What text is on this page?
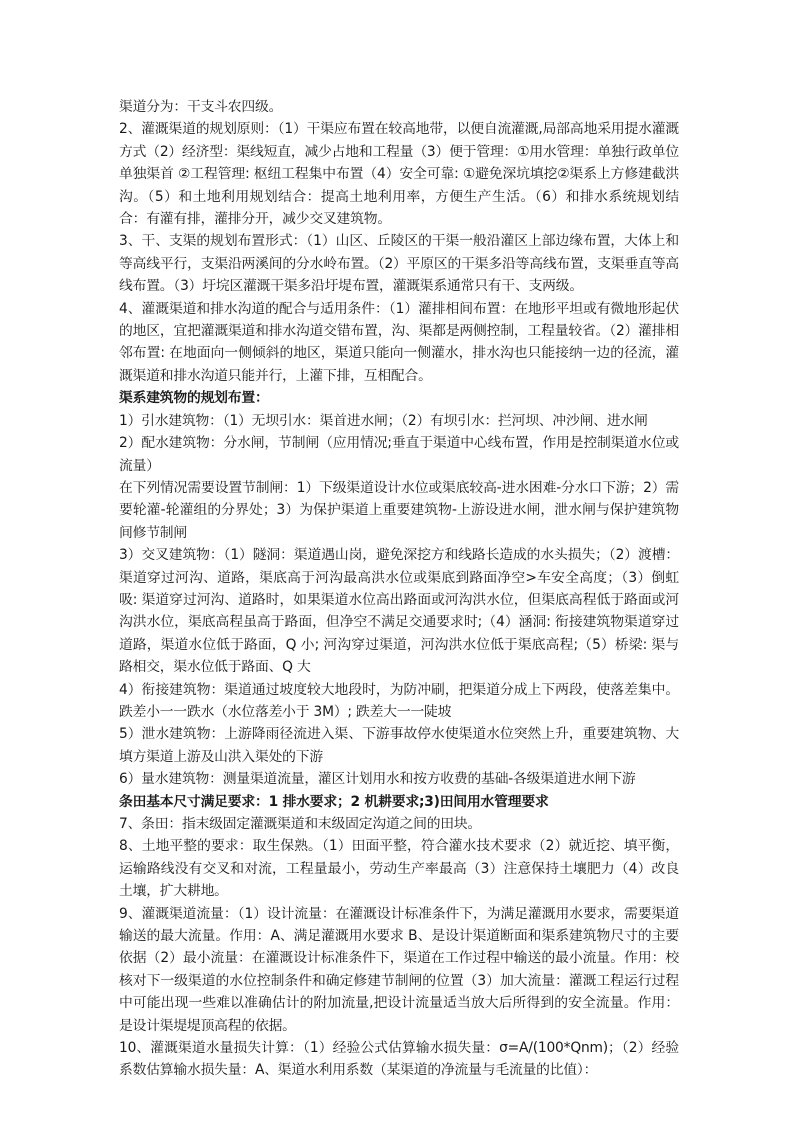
渠道分为：干支斗农四级。

2、灌溉渠道的规划原则：（1）干渠应布置在较高地带，以便自流灌溉,局部高地采用提水灌溉方式（2）经济型：渠线短直，减少占地和工程量（3）便于管理：①用水管理：单独行政单位单独渠首 ②工程管理: 枢纽工程集中布置（4）安全可靠: ①避免深坑填挖②渠系上方修建截洪沟。（5）和土地利用规划结合：提高土地利用率，方便生产生活。（6）和排水系统规划结合：有灌有排，灌排分开，减少交叉建筑物。

3、干、支渠的规划布置形式：（1）山区、丘陵区的干渠一般沿灌区上部边缘布置，大体上和等高线平行，支渠沿两溪间的分水岭布置。（2）平原区的干渠多沿等高线布置，支渠垂直等高线布置。（3）圩垸区灌溉干渠多沿圩堤布置，灌溉渠系通常只有干、支两级。

4、灌溉渠道和排水沟道的配合与适用条件：（1）灌排相间布置：在地形平坦或有微地形起伏的地区，宜把灌溉渠道和排水沟道交错布置，沟、渠都是两侧控制，工程量较省。（2）灌排相邻布置: 在地面向一侧倾斜的地区，渠道只能向一侧灌水，排水沟也只能接纳一边的径流，灌溉渠道和排水沟道只能并行，上灌下排，互相配合。

渠系建筑物的规划布置：

1）引水建筑物：（1）无坝引水：渠首进水闸；（2）有坝引水：拦河坝、冲沙闸、进水闸

2）配水建筑物：分水闸，节制闸（应用情况;垂直于渠道中心线布置，作用是控制渠道水位或流量）

在下列情况需要设置节制闸：1）下级渠道设计水位或渠底较高-进水困难-分水口下游；2）需要轮灌-轮灌组的分界处；3）为保护渠道上重要建筑物-上游设进水闸，泄水闸与保护建筑物间修节制闸

3）交叉建筑物：（1）隧洞：渠道遇山岗，避免深挖方和线路长造成的水头损失；（2）渡槽：渠道穿过河沟、道路，渠底高于河沟最高洪水位或渠底到路面净空>车安全高度；（3）倒虹吸: 渠道穿过河沟、道路时，如果渠道水位高出路面或河沟洪水位，但渠底高程低于路面或河沟洪水位，渠底高程虽高于路面，但净空不满足交通要求时;（4）涵洞: 衔接建筑物渠道穿过道路，渠道水位低于路面，Q 小; 河沟穿过渠道，河沟洪水位低于渠底高程;（5）桥梁: 渠与路相交，渠水位低于路面、Q 大

4）衔接建筑物：渠道通过坡度较大地段时，为防冲刷，把渠道分成上下两段，使落差集中。跌差小一一跌水（水位落差小于 3M）; 跌差大一一陡坡

5）泄水建筑物：上游降雨径流进入渠、下游事故停水使渠道水位突然上升，重要建筑物、大填方渠道上游及山洪入渠处的下游

6）量水建筑物：测量渠道流量，灌区计划用水和按方收费的基础-各级渠道进水闸下游

条田基本尺寸满足要求：1 排水要求；2 机耕要求;3)田间用水管理要求

7、条田：指末级固定灌溉渠道和末级固定沟道之间的田块。

8、土地平整的要求：取生保熟。（1）田面平整，符合灌水技术要求（2）就近挖、填平衡，运输路线没有交叉和对流，工程量最小，劳动生产率最高（3）注意保持土壤肥力（4）改良土壤，扩大耕地。

9、灌溉渠道流量：（1）设计流量：在灌溉设计标准条件下，为满足灌溉用水要求，需要渠道输送的最大流量。作用：A、满足灌溉用水要求 B、是设计渠道断面和渠系建筑物尺寸的主要依据（2）最小流量：在灌溉设计标准条件下，渠道在工作过程中输送的最小流量。作用：校核对下一级渠道的水位控制条件和确定修建节制闸的位置（3）加大流量：灌溉工程运行过程中可能出现一些难以准确估计的附加流量,把设计流量适当放大后所得到的安全流量。作用：是设计渠堤堤顶高程的依据。

10、灌溉渠道水量损失计算：（1）经验公式估算输水损失量：σ=A/(100*Qnm)；（2）经验系数估算输水损失量：A、渠道水利用系数（某渠道的净流量与毛流量的比值）：
